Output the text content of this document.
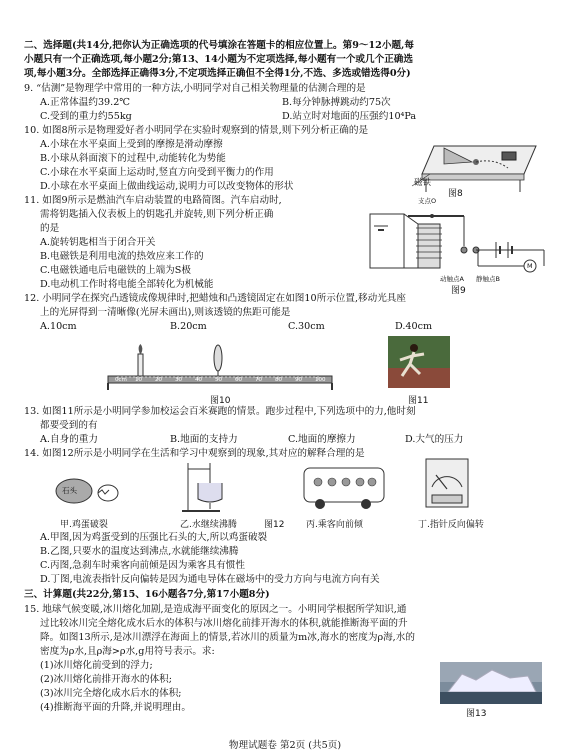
二、选择题(共14分,把你认为正确选项的代号填涂在答题卡的相应位置上。第9～12小题,每
小题只有一个正确选项,每小题2分;第13、14小题为不定项选择,每小题有一个或几个正确选
项,每小题3分。全部选择正确得3分,不定项选择正确但不全得1分,不选、多选或错选得0分)
9. “估测”是物理学中常用的一种方法,小明同学对自己相关物理量的估测合理的是
A.正常体温约39.2℃	B.每分钟脉搏跳动约75次
C.受到的重力约55kg	D.站立时对地面的压强约10⁴Pa
10. 如图8所示是物理爱好者小明同学在实验时观察到的情景,则下列分析正确的是
A.小球在水平桌面上受到的摩擦是滑动摩擦
B.小球从斜面滚下的过程中,动能转化为势能
C.小球在水平桌面上运动时,竖直方向受到平衡力的作用
D.小球在水平桌面上做曲线运动,说明力可以改变物体的形状	磁铁
图8
11. 如图9所示是燃油汽车启动装置的电路简图。汽车启动时,
需将钥匙插入仪表板上的钥匙孔并旋转,则下列分析正确
的是
A.旋转钥匙相当于闭合开关
B.电磁铁是利用电流的热效应来工作的
C.电磁铁通电后电磁铁的上端为S极
D.电动机工作时将电能全部转化为机械能
支点O
M
动触点A 静触点B
图9
12. 小明同学在探究凸透镜成像规律时,把蜡烛和凸透镜固定在如图10所示位置,移动光具座
上的光屏得到一清晰像(光屏未画出),则该透镜的焦距可能是
A.10cm	B.20cm	C.30cm	D.40cm
0cm 10 20 30 40 50 60 70 80 90 100
图10	图11
13. 如图11所示是小明同学参加校运会百米赛跑的情景。跑步过程中,下列选项中的力,他时刻
都要受到的有
A.自身的重力	B.地面的支持力	C.地面的摩擦力	D.大气的压力
14. 如图12所示是小明同学在生活和学习中观察到的现象,其对应的解释合理的是
石头
甲.鸡蛋破裂	乙.水继续沸腾	图12 丙.乘客向前倾	丁.指针反向偏转
A.甲图,因为鸡蛋受到的压强比石头的大,所以鸡蛋破裂
B.乙图,只要水的温度达到沸点,水就能继续沸腾
C.丙图,急刹车时乘客向前倾是因为乘客具有惯性
D.丁图,电流表指针反向偏转是因为通电导体在磁场中的受力方向与电流方向有关
三、计算题(共22分,第15、16小题各7分,第17小题8分)
15. 地球气候变暖,冰川熔化加剧,是造成海平面变化的原因之一。小明同学根据所学知识,通
过比较冰川完全熔化成水后水的体积与冰川熔化前排开海水的体积,就能推断海平面的升
降。如图13所示,是冰川漂浮在海面上的情景,若冰川的质量为m冰,海水的密度为ρ海,水的
密度为ρ水,且ρ海>ρ水,g用符号表示。求:
(1)冰川熔化前受到的浮力;
(2)冰川熔化前排开海水的体积;
(3)冰川完全熔化成水后水的体积;
(4)推断海平面的升降,并说明理由。
图13
物理试题卷 第2页 (共5页)
